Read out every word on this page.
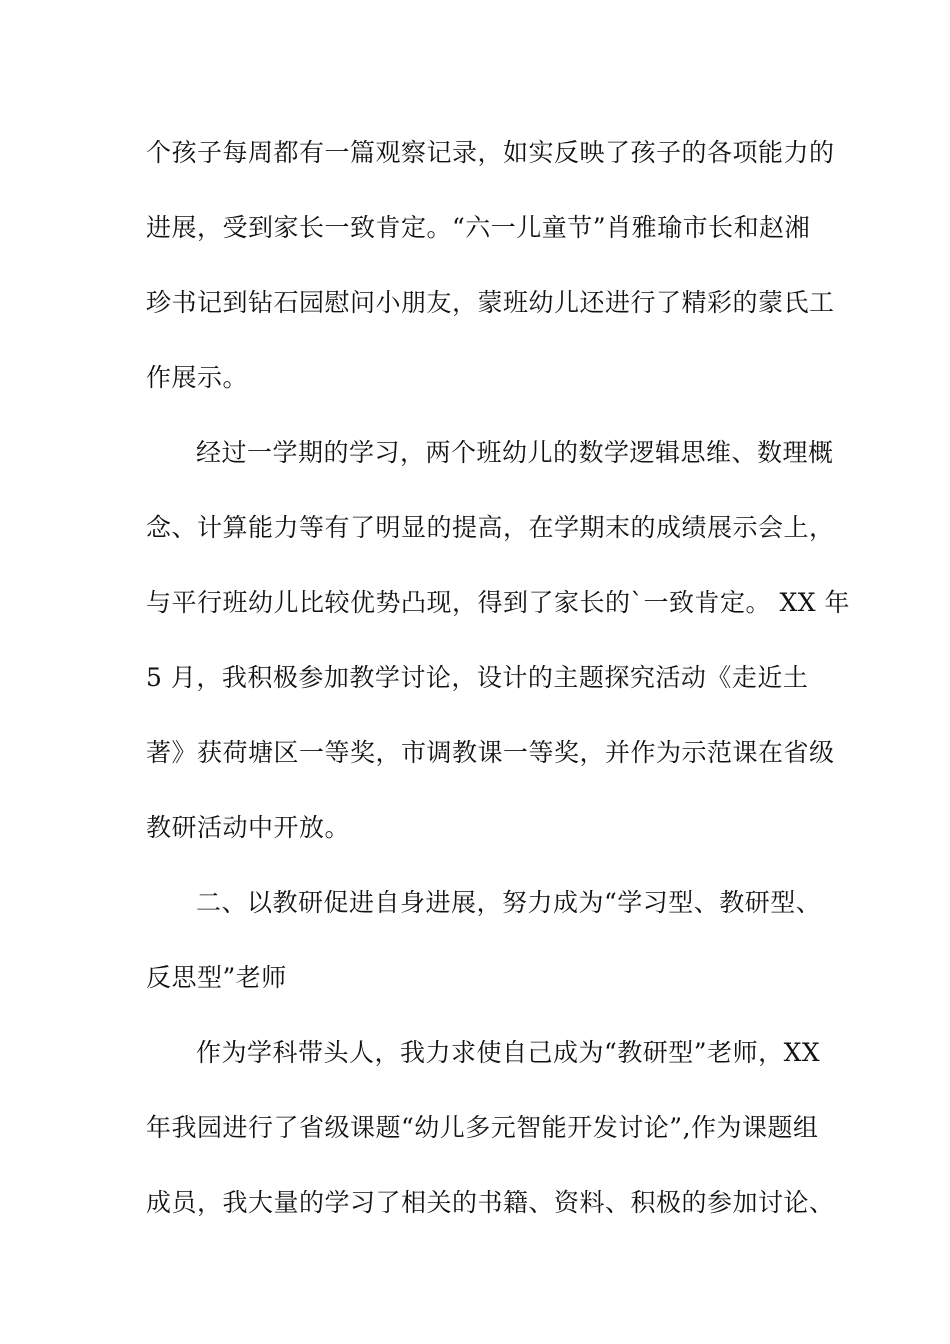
个孩子每周都有一篇观察记录，如实反映了孩子的各项能力的
进展，受到家长一致肯定。“六一儿童节”肖雅瑜市长和赵湘
珍书记到钻石园慰问小朋友，蒙班幼儿还进行了精彩的蒙氏工
作展示。
经过一学期的学习，两个班幼儿的数学逻辑思维、数理概
念、计算能力等有了明显的提高，在学期末的成绩展示会上，
与平行班幼儿比较优势凸现，得到了家长的`一致肯定。 XX 年
5 月，我积极参加教学讨论，设计的主题探究活动《走近土
著》获荷塘区一等奖，市调教课一等奖，并作为示范课在省级
教研活动中开放。
二、以教研促进自身进展，努力成为“学习型、教研型、
反思型”老师
作为学科带头人，我力求使自己成为“教研型”老师，XX
年我园进行了省级课题“幼儿多元智能开发讨论”,作为课题组
成员，我大量的学习了相关的书籍、资料、积极的参加讨论、
